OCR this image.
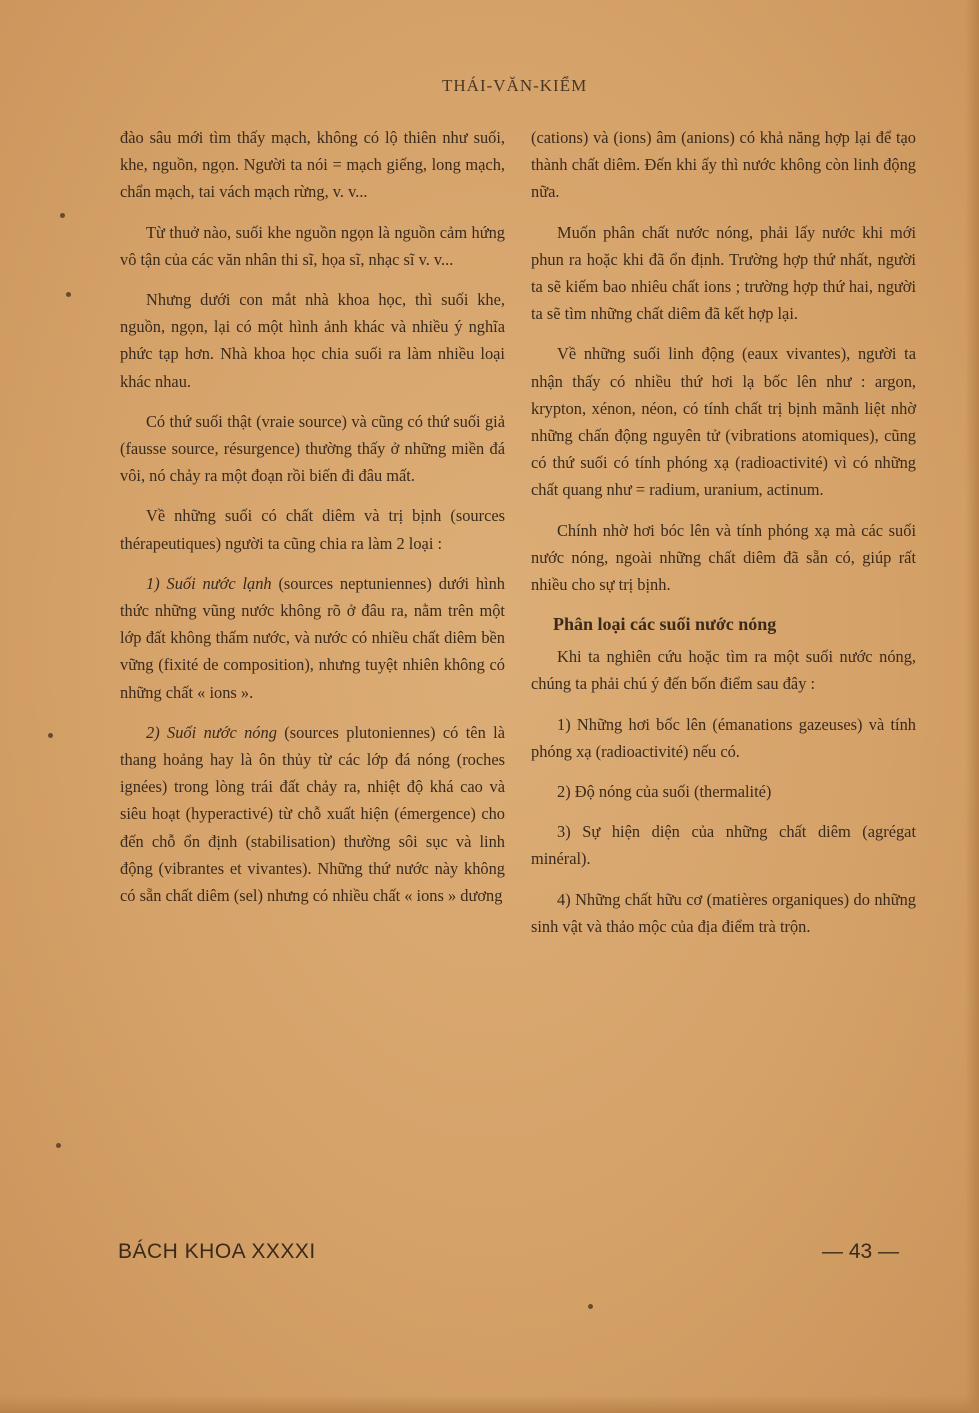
THÁI-VĂN-KIỂM

đào sâu mới tìm thấy mạch, không có lộ thiên như suối, khe, nguồn, ngọn. Người ta nói = mạch giếng, long mạch, chẩn mạch, tai vách mạch rừng, v. v...

Từ thuở nào, suối khe nguồn ngọn là nguồn cảm hứng vô tận của các văn nhân thi sĩ, họa sĩ, nhạc sĩ v. v...

Nhưng dưới con mắt nhà khoa học, thì suối khe, nguồn, ngọn, lại có một hình ảnh khác và nhiều ý nghĩa phức tạp hơn. Nhà khoa học chia suối ra làm nhiều loại khác nhau.

Có thứ suối thật (vraie source) và cũng có thứ suối giả (fausse source, résurgence) thường thấy ở những miền đá vôi, nó chảy ra một đoạn rồi biến đi đâu mất.

Về những suối có chất diêm và trị bịnh (sources thérapeutiques) người ta cũng chia ra làm 2 loại :

1) Suối nước lạnh (sources neptuniennes) dưới hình thức những vũng nước không rõ ở đâu ra, nằm trên một lớp đất không thấm nước, và nước có nhiều chất diêm bền vững (fixité de composition), nhưng tuyệt nhiên không có những chất « ions ».

2) Suối nước nóng (sources plutoniennes) có tên là thang hoảng hay là ôn thủy từ các lớp đá nóng (roches ignées) trong lòng trái đất chảy ra, nhiệt độ khá cao và siêu hoạt (hyperactivé) từ chỗ xuất hiện (émergence) cho đến chỗ ổn định (stabilisation) thường sôi sục và linh động (vibrantes et vivantes). Những thứ nước này không có sẵn chất diêm (sel) nhưng có nhiều chất « ions » dương

(cations) và (ions) âm (anions) có khả năng hợp lại để tạo thành chất diêm. Đến khi ấy thì nước không còn linh động nữa.

Muốn phân chất nước nóng, phải lấy nước khi mới phun ra hoặc khi đã ổn định. Trường hợp thứ nhất, người ta sẽ kiếm bao nhiêu chất ions ; trường hợp thứ hai, người ta sẽ tìm những chất diêm đã kết hợp lại.

Về những suối linh động (eaux vivantes), người ta nhận thấy có nhiều thứ hơi lạ bốc lên như : argon, krypton, xénon, néon, có tính chất trị bịnh mãnh liệt nhờ những chấn động nguyên tử (vibrations atomiques), cũng có thứ suối có tính phóng xạ (radioactivité) vì có những chất quang như = radium, uranium, actinum.

Chính nhờ hơi bóc lên và tính phóng xạ mà các suối nước nóng, ngoài những chất diêm đã sẵn có, giúp rất nhiều cho sự trị bịnh.

Phân loại các suối nước nóng

Khi ta nghiên cứu hoặc tìm ra một suối nước nóng, chúng ta phải chú ý đến bốn điểm sau đây :

1) Những hơi bốc lên (émanations gazeuses) và tính phóng xạ (radioactivité) nếu có.

2) Độ nóng của suối (thermalité)

3) Sự hiện diện của những chất diêm (agrégat minéral).

4) Những chất hữu cơ (matières organiques) do những sinh vật và thảo mộc của địa điểm trà trộn.

BÁCH KHOA XXXXI	— 43 —
